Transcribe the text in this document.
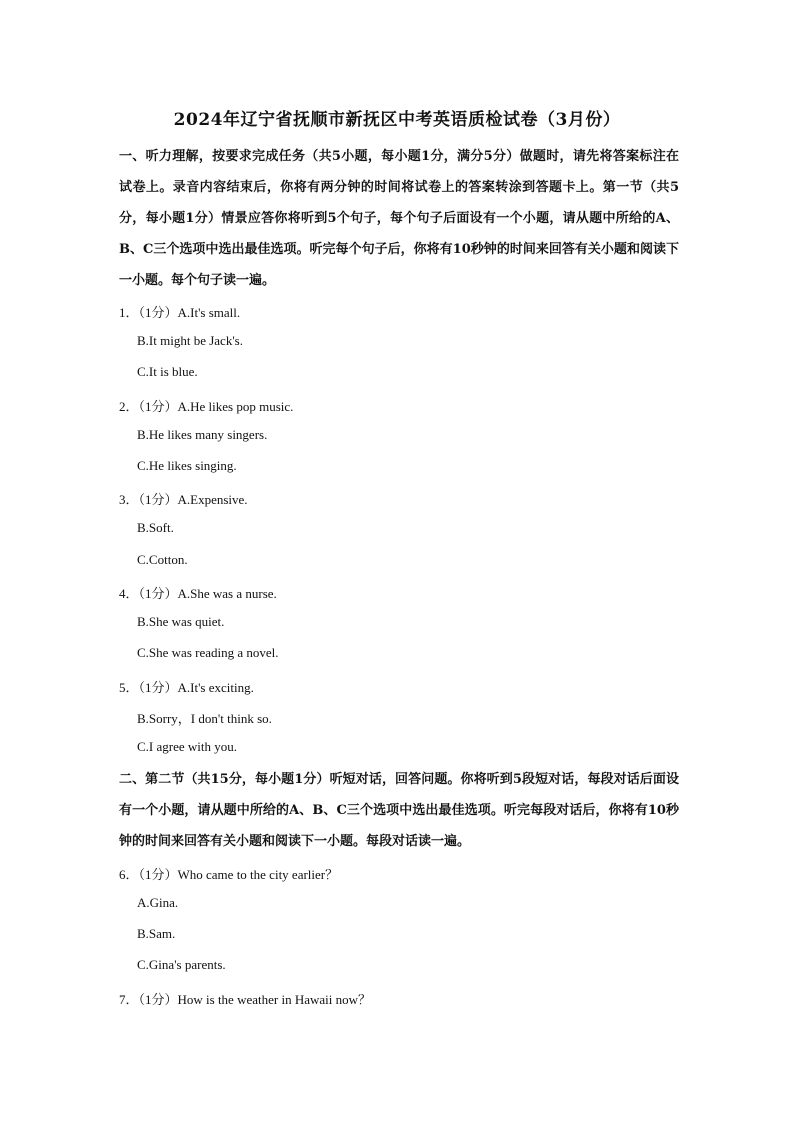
2024年辽宁省抚顺市新抚区中考英语质检试卷（3月份）
一、听力理解，按要求完成任务（共5小题，每小题1分，满分5分）做题时，请先将答案标注在试卷上。录音内容结束后，你将有两分钟的时间将试卷上的答案转涂到答题卡上。第一节（共5分，每小题1分）情景应答你将听到5个句子，每个句子后面设有一个小题，请从题中所给的A、B、C三个选项中选出最佳选项。听完每个句子后，你将有10秒钟的时间来回答有关小题和阅读下一小题。每个句子读一遍。
1．（1分）A.It's small.
B.It might be Jack's.
C.It is blue.
2．（1分）A.He likes pop music.
B.He likes many singers.
C.He likes singing.
3．（1分）A.Expensive.
B.Soft.
C.Cotton.
4．（1分）A.She was a nurse.
B.She was quiet.
C.She was reading a novel.
5．（1分）A.It's exciting.
B.Sorry，I don't think so.
C.I agree with you.
二、第二节（共15分，每小题1分）听短对话，回答问题。你将听到5段短对话，每段对话后面设有一个小题，请从题中所给的A、B、C三个选项中选出最佳选项。听完每段对话后，你将有10秒钟的时间来回答有关小题和阅读下一小题。每段对话读一遍。
6．（1分）Who came to the city earlier？
A.Gina.
B.Sam.
C.Gina's parents.
7．（1分）How is the weather in Hawaii now？
